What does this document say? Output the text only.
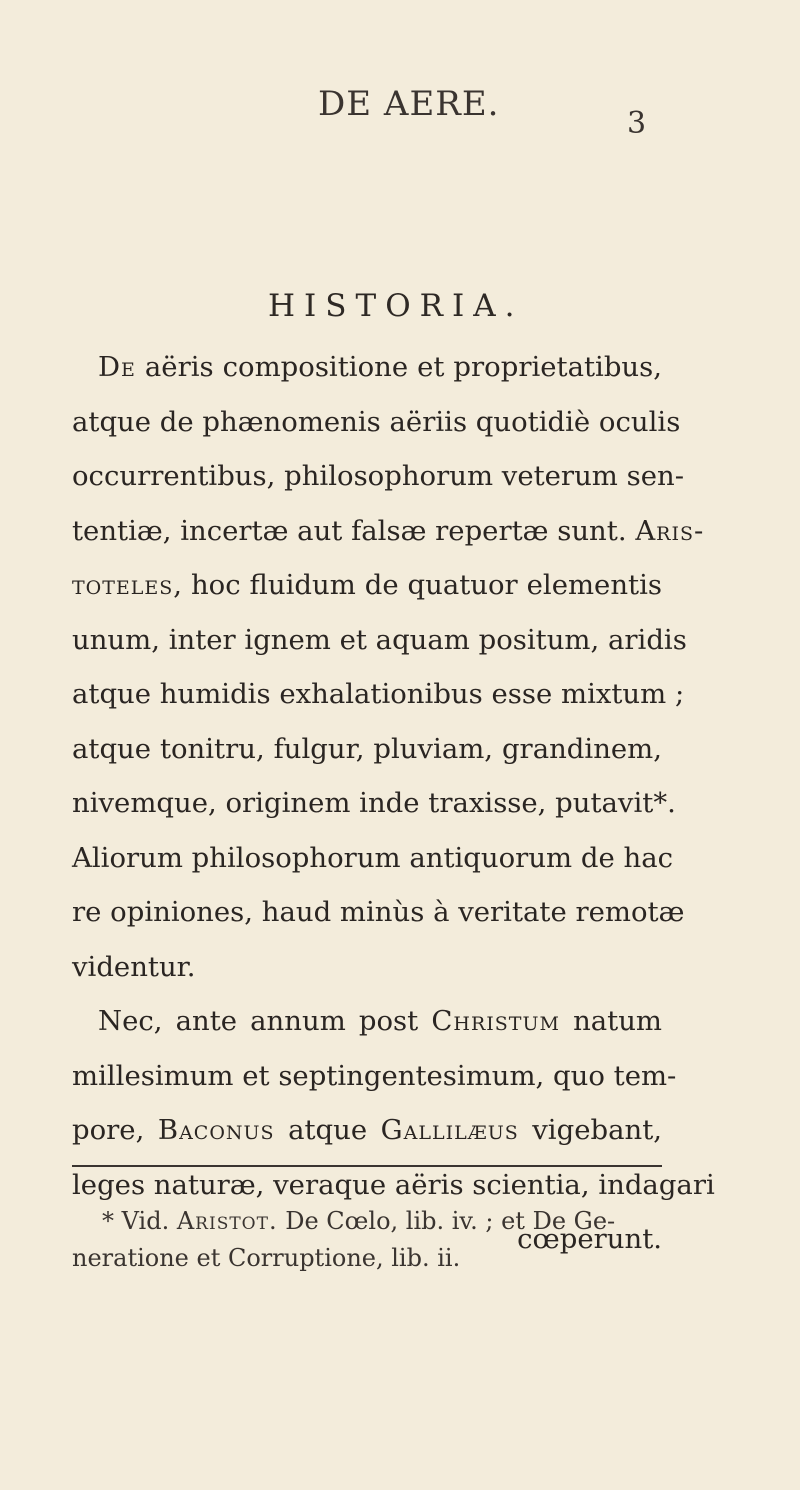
DE AERE.	3
HISTORIA.
De aëris compositione et proprietatibus,
atque de phænomenis aëriis quotidiè oculis
occurrentibus, philosophorum veterum sen-
tentiæ, incertæ aut falsæ repertæ sunt. Aris-
toteles, hoc fluidum de quatuor elementis
unum, inter ignem et aquam positum, aridis
atque humidis exhalationibus esse mixtum ;
atque tonitru, fulgur, pluviam, grandinem,
nivemque, originem inde traxisse, putavit*.
Aliorum philosophorum antiquorum de hac
re opiniones, haud minùs à veritate remotæ
videntur.
Nec, ante annum post Christum natum
millesimum et septingentesimum, quo tem-
pore, Baconus atque Gallilæus vigebant,
leges naturæ, veraque aëris scientia, indagari
cœperunt.
* Vid. Aristot. De Cœlo, lib. iv. ; et De Ge-
neratione et Corruptione, lib. ii.
